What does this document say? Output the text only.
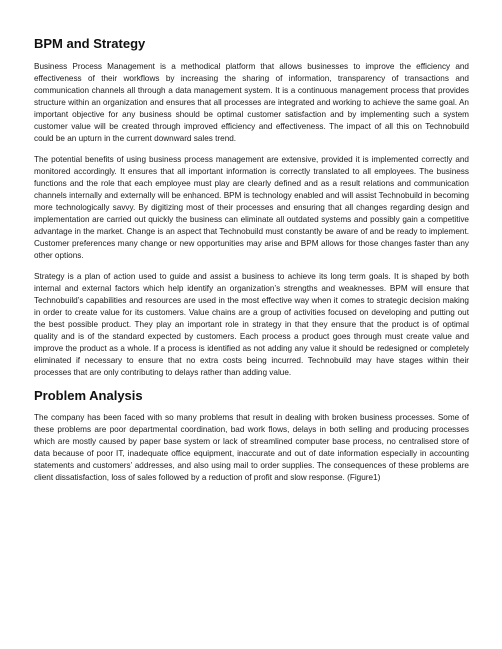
BPM and Strategy

Business Process Management is a methodical platform that allows businesses to improve the efficiency and effectiveness of their workflows by increasing the sharing of information, transparency of transactions and communication channels all through a data management system. It is a continuous management process that provides structure within an organization and ensures that all processes are integrated and working to achieve the same goal. An important objective for any business should be optimal customer satisfaction and by implementing such a system customer value will be created through improved efficiency and effectiveness. The impact of all this on Technobuild could be an upturn in the current downward sales trend.

The potential benefits of using business process management are extensive, provided it is implemented correctly and monitored accordingly. It ensures that all important information is correctly translated to all employees. The business functions and the role that each employee must play are clearly defined and as a result relations and communication channels internally and externally will be enhanced. BPM is technology enabled and will assist Technobuild in becoming more technologically savvy. By digitizing most of their processes and ensuring that all changes regarding design and implementation are carried out quickly the business can eliminate all outdated systems and possibly gain a competitive advantage in the market. Change is an aspect that Technobuild must constantly be aware of and be ready to implement. Customer preferences many change or new opportunities may arise and BPM allows for those changes faster than any other options.

Strategy is a plan of action used to guide and assist a business to achieve its long term goals. It is shaped by both internal and external factors which help identify an organization’s strengths and weaknesses. BPM will ensure that Technobuild’s capabilities and resources are used in the most effective way when it comes to strategic decision making in order to create value for its customers. Value chains are a group of activities focused on developing and putting out the best possible product. They play an important role in strategy in that they ensure that the product is of optimal quality and is of the standard expected by customers. Each process a product goes through must create value and improve the product as a whole. If a process is identified as not adding any value it should be redesigned or completely eliminated if necessary to ensure that no extra costs being incurred. Technobuild may have stages within their processes that are only contributing to delays rather than adding value.

Problem Analysis

The company has been faced with so many problems that result in dealing with broken business processes. Some of these problems are poor departmental coordination, bad work flows, delays in both selling and producing processes which are mostly caused by paper base system or lack of streamlined computer base process, no centralised store of data because of poor IT, inadequate office equipment, inaccurate and out of date information especially in accounting statements and customers’ addresses, and also using mail to order supplies. The consequences of these problems are client dissatisfaction, loss of sales followed by a reduction of profit and slow response. (Figure1)
